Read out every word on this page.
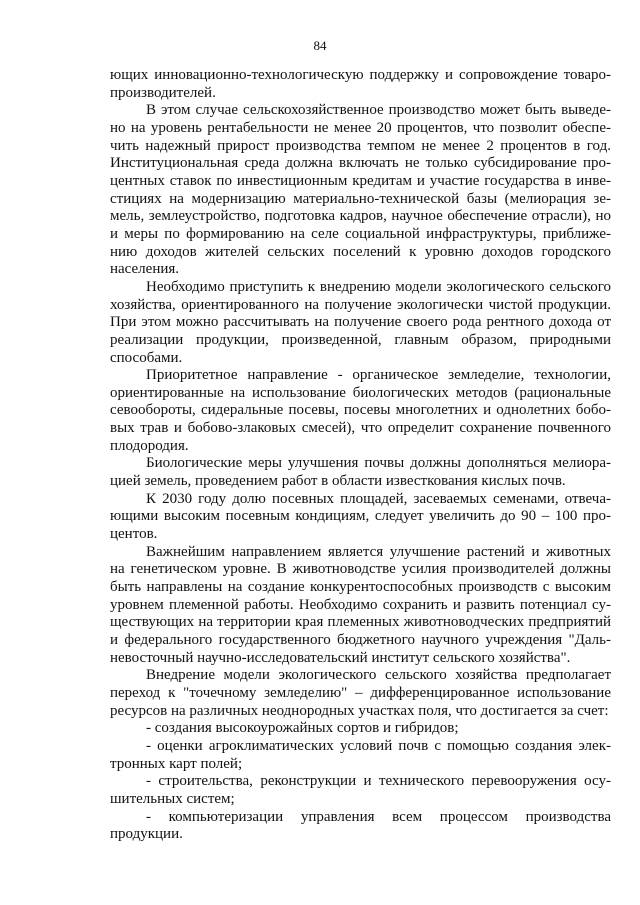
84

ющих инновационно-технологическую поддержку и сопровождение товаропроизводителей.

В этом случае сельскохозяйственное производство может быть выведено на уровень рентабельности не менее 20 процентов, что позволит обеспечить надежный прирост производства темпом не менее 2 процентов в год. Институциональная среда должна включать не только субсидирование процентных ставок по инвестиционным кредитам и участие государства в инвестициях на модернизацию материально-технической базы (мелиорация земель, землеустройство, подготовка кадров, научное обеспечение отрасли), но и меры по формированию на селе социальной инфраструктуры, приближению доходов жителей сельских поселений к уровню доходов городского населения.

Необходимо приступить к внедрению модели экологического сельского хозяйства, ориентированного на получение экологически чистой продукции. При этом можно рассчитывать на получение своего рода рентного дохода от реализации продукции, произведенной, главным образом, природными способами.

Приоритетное направление - органическое земледелие, технологии, ориентированные на использование биологических методов (рациональные севообороты, сидеральные посевы, посевы многолетних и однолетних бобовых трав и бобово-злаковых смесей), что определит сохранение почвенного плодородия.

Биологические меры улучшения почвы должны дополняться мелиорацией земель, проведением работ в области известкования кислых почв.

К 2030 году долю посевных площадей, засеваемых семенами, отвечающими высоким посевным кондициям, следует увеличить до 90 – 100 процентов.

Важнейшим направлением является улучшение растений и животных на генетическом уровне. В животноводстве усилия производителей должны быть направлены на создание конкурентоспособных производств с высоким уровнем племенной работы. Необходимо сохранить и развить потенциал существующих на территории края племенных животноводческих предприятий и федерального государственного бюджетного научного учреждения "Дальневосточный научно-исследовательский институт сельского хозяйства".

Внедрение модели экологического сельского хозяйства предполагает переход к "точечному земледелию" – дифференцированное использование ресурсов на различных неоднородных участках поля, что достигается за счет:

- создания высокоурожайных сортов и гибридов;

- оценки агроклиматических условий почв с помощью создания электронных карт полей;

- строительства, реконструкции и технического перевооружения осушительных систем;

- компьютеризации управления всем процессом производства продукции.
